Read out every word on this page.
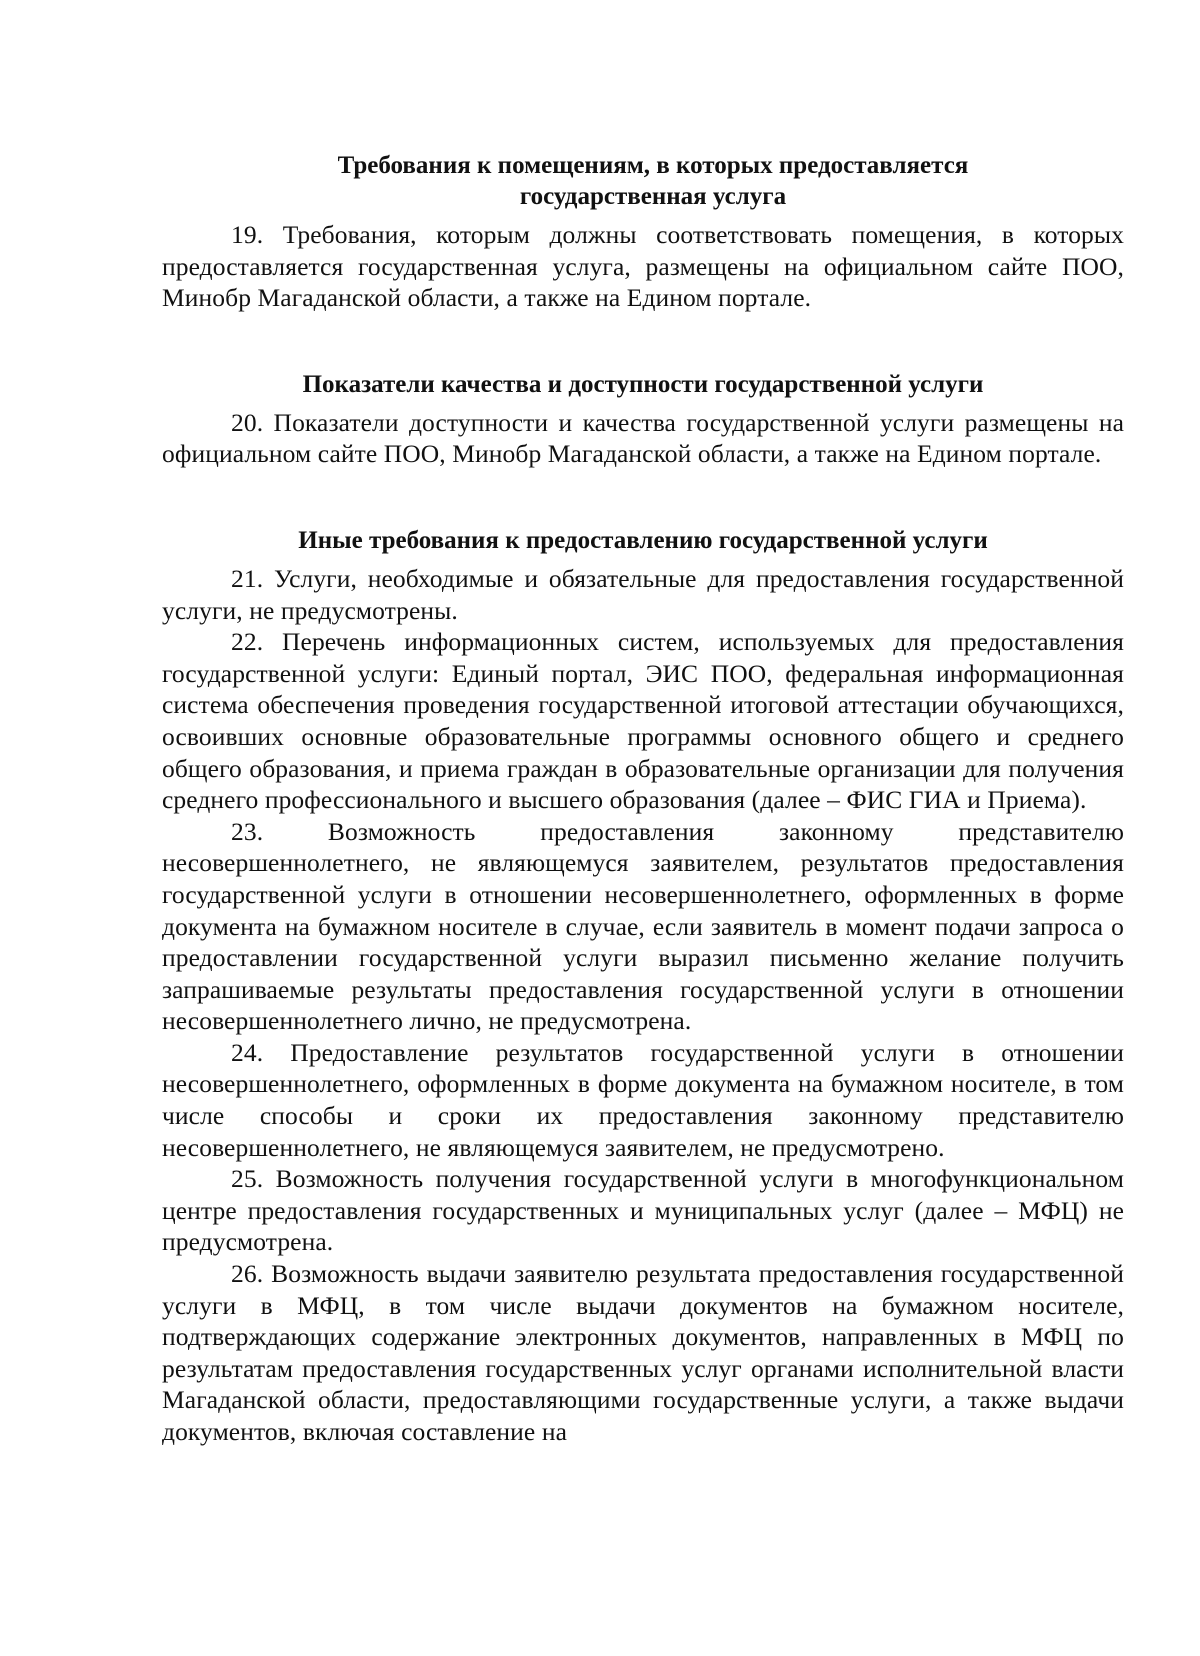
Требования к помещениям, в которых предоставляется
государственная услуга

19. Требования, которым должны соответствовать помещения, в которых предоставляется государственная услуга, размещены на официальном сайте ПОО, Минобр Магаданской области, а также на Едином портале.

Показатели качества и доступности государственной услуги

20. Показатели доступности и качества государственной услуги размещены на официальном сайте ПОО, Минобр Магаданской области, а также на Едином портале.

Иные требования к предоставлению государственной услуги

21. Услуги, необходимые и обязательные для предоставления государственной услуги, не предусмотрены.

22. Перечень информационных систем, используемых для предоставления государственной услуги: Единый портал, ЭИС ПОО, федеральная информационная система обеспечения проведения государственной итоговой аттестации обучающихся, освоивших основные образовательные программы основного общего и среднего общего образования, и приема граждан в образовательные организации для получения среднего профессионального и высшего образования (далее – ФИС ГИА и Приема).

23. Возможность предоставления законному представителю несовершеннолетнего, не являющемуся заявителем, результатов предоставления государственной услуги в отношении несовершеннолетнего, оформленных в форме документа на бумажном носителе в случае, если заявитель в момент подачи запроса о предоставлении государственной услуги выразил письменно желание получить запрашиваемые результаты предоставления государственной услуги в отношении несовершеннолетнего лично, не предусмотрена.

24. Предоставление результатов государственной услуги в отношении несовершеннолетнего, оформленных в форме документа на бумажном носителе, в том числе способы и сроки их предоставления законному представителю несовершеннолетнего, не являющемуся заявителем, не предусмотрено.

25. Возможность получения государственной услуги в многофункциональном центре предоставления государственных и муниципальных услуг (далее – МФЦ) не предусмотрена.

26. Возможность выдачи заявителю результата предоставления государственной услуги в МФЦ, в том числе выдачи документов на бумажном носителе, подтверждающих содержание электронных документов, направленных в МФЦ по результатам предоставления государственных услуг органами исполнительной власти Магаданской области, предоставляющими государственные услуги, а также выдачи документов, включая составление на
